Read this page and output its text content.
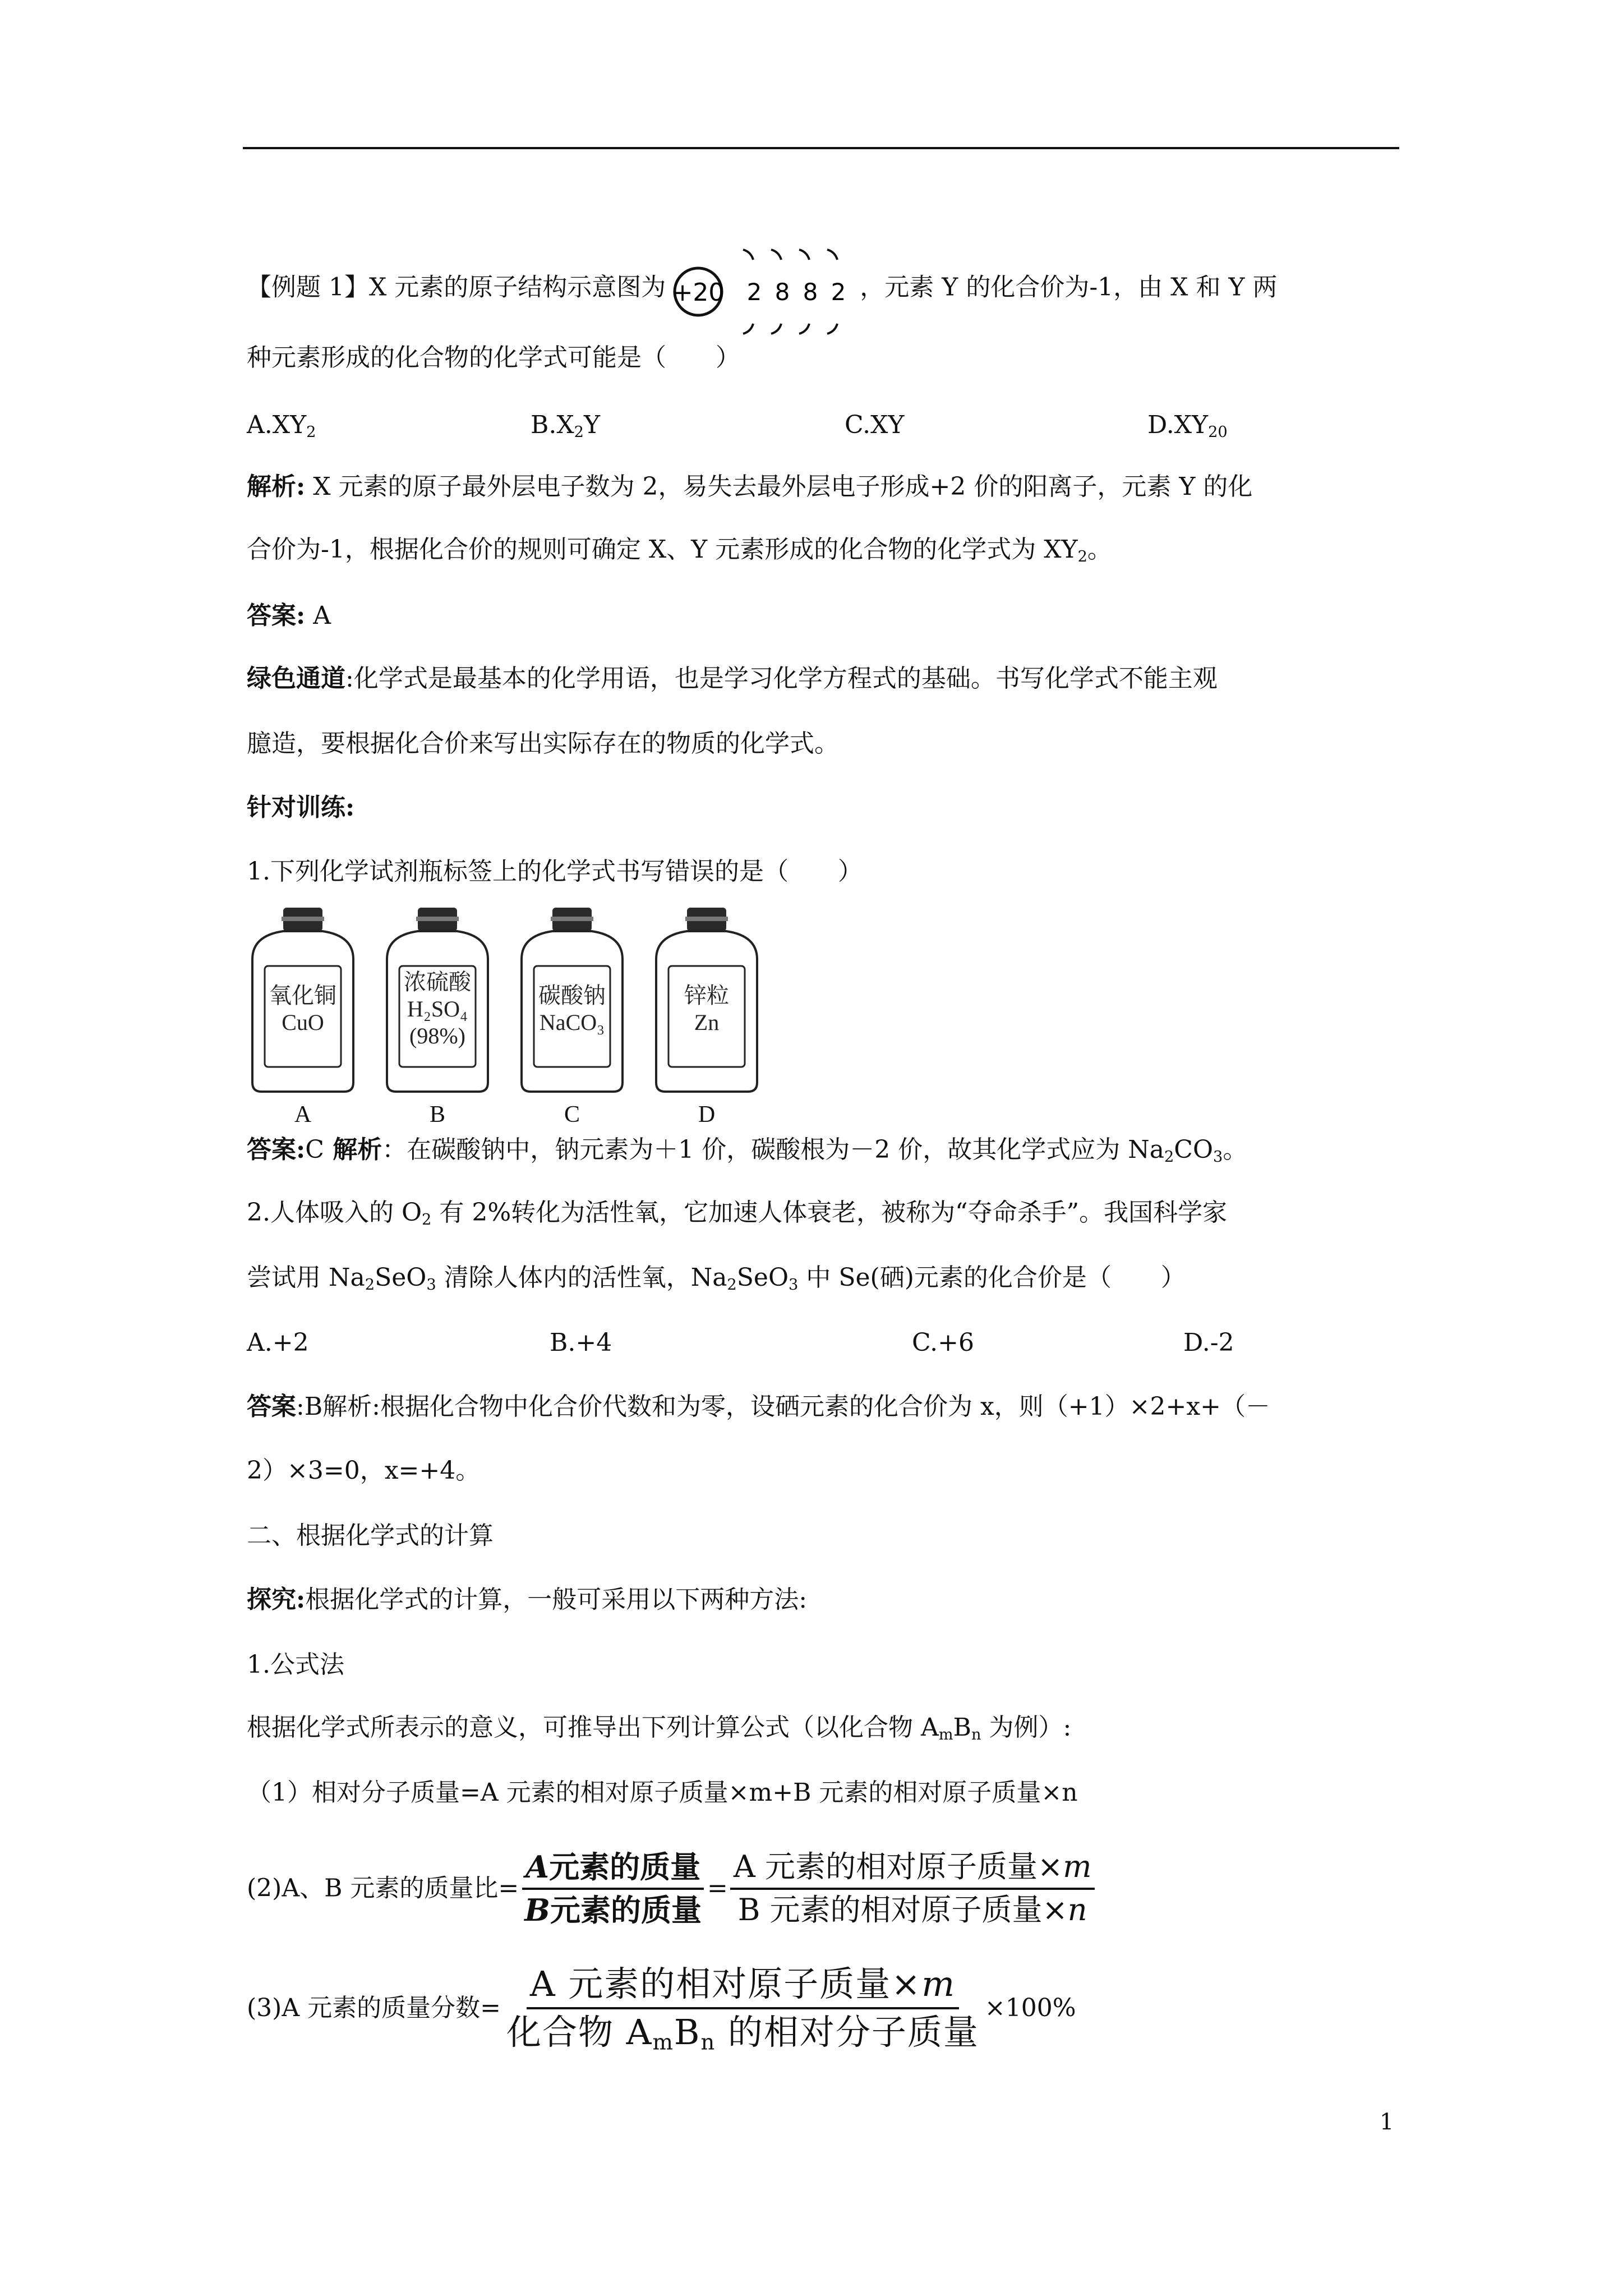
【例题 1】X 元素的原子结构示意图为 +20 2 8 8 2 ，元素 Y 的化合价为-1，由 X 和 Y 两
种元素形成的化合物的化学式可能是（　　）
$A.XY_2$	$B.X_2Y$	C.XY	$D.XY_{20}$
解析: X 元素的原子最外层电子数为 2，易失去最外层电子形成+2 价的阳离子，元素 Y 的化
合价为-1，根据化合价的规则可确定 X、Y 元素形成的化合物的化学式为 $XY_2$。
答案: A
绿色通道:化学式是最基本的化学用语，也是学习化学方程式的基础。书写化学式不能主观
臆造，要根据化合价来写出实际存在的物质的化学式。
针对训练:
1.下列化学试剂瓶标签上的化学式书写错误的是（　　）
氧化铜
CuO
A
浓硫酸
H₂SO₄
(98%)
B
碳酸钠
NaCO₃
C
锌粒
Zn
D
答案:C 解析：在碳酸钠中，钠元素为＋1 价，碳酸根为－2 价，故其化学式应为 $Na_2CO_3$。
2.人体吸入的 $O_2$ 有 2%转化为活性氧，它加速人体衰老，被称为“夺命杀手”。我国科学家
尝试用 $Na_2SeO_3$ 清除人体内的活性氧，$Na_2SeO_3$ 中 Se(硒)元素的化合价是（　　）
A.+2	B.+4	C.+6	D.-2
答案:B解析:根据化合物中化合价代数和为零，设硒元素的化合价为 x，则（+1）×2+x+（－
2）×3=0，x=+4。
二、根据化学式的计算
探究:根据化学式的计算，一般可采用以下两种方法:
1.公式法
根据化学式所表示的意义，可推导出下列计算公式（以化合物 $A_mB_n$ 为例）:
（1）相对分子质量=A 元素的相对原子质量×m+B 元素的相对原子质量×n
(2)A、B 元素的质量比= $\frac{\text{A元素的质量}}{\text{B元素的质量}} = \frac{\text{A 元素的相对原子质量×m}}{\text{B 元素的相对原子质量×n}}$
(3)A 元素的质量分数= $\frac{\text{A 元素的相对原子质量×m}}{化合物 A_mB_n 的相对分子质量} \times 100\%$
1
